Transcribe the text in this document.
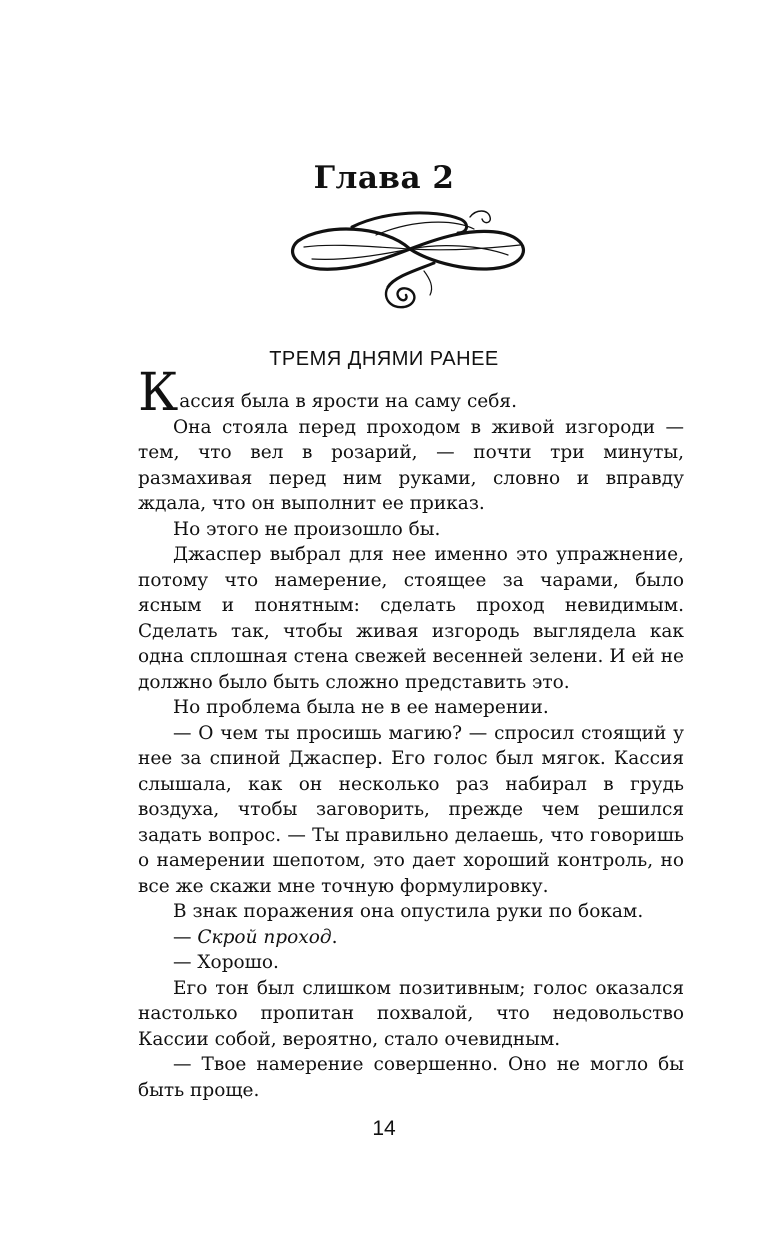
Глава 2
ТРЕМЯ ДНЯМИ РАНЕЕ

Кассия была в ярости на саму себя.

Она стояла перед проходом в живой изгороди — тем, что вел в розарий, — почти три минуты, размахивая перед ним руками, словно и вправду ждала, что он выполнит ее приказ.

Но этого не произошло бы.

Джаспер выбрал для нее именно это упражнение, потому что намерение, стоящее за чарами, было ясным и понятным: сделать проход невидимым. Сделать так, чтобы живая изгородь выглядела как одна сплошная стена свежей весенней зелени. И ей не должно было быть сложно представить это.

Но проблема была не в ее намерении.

— О чем ты просишь магию? — спросил стоящий у нее за спиной Джаспер. Его голос был мягок. Кассия слышала, как он несколько раз набирал в грудь воздуха, чтобы заговорить, прежде чем решился задать вопрос. — Ты правильно делаешь, что говоришь о намерении шепотом, это дает хороший контроль, но все же скажи мне точную формулировку.

В знак поражения она опустила руки по бокам.

— Скрой проход.

— Хорошо.

Его тон был слишком позитивным; голос оказался настолько пропитан похвалой, что недовольство Кассии собой, вероятно, стало очевидным.

— Твое намерение совершенно. Оно не могло бы быть проще.

14
